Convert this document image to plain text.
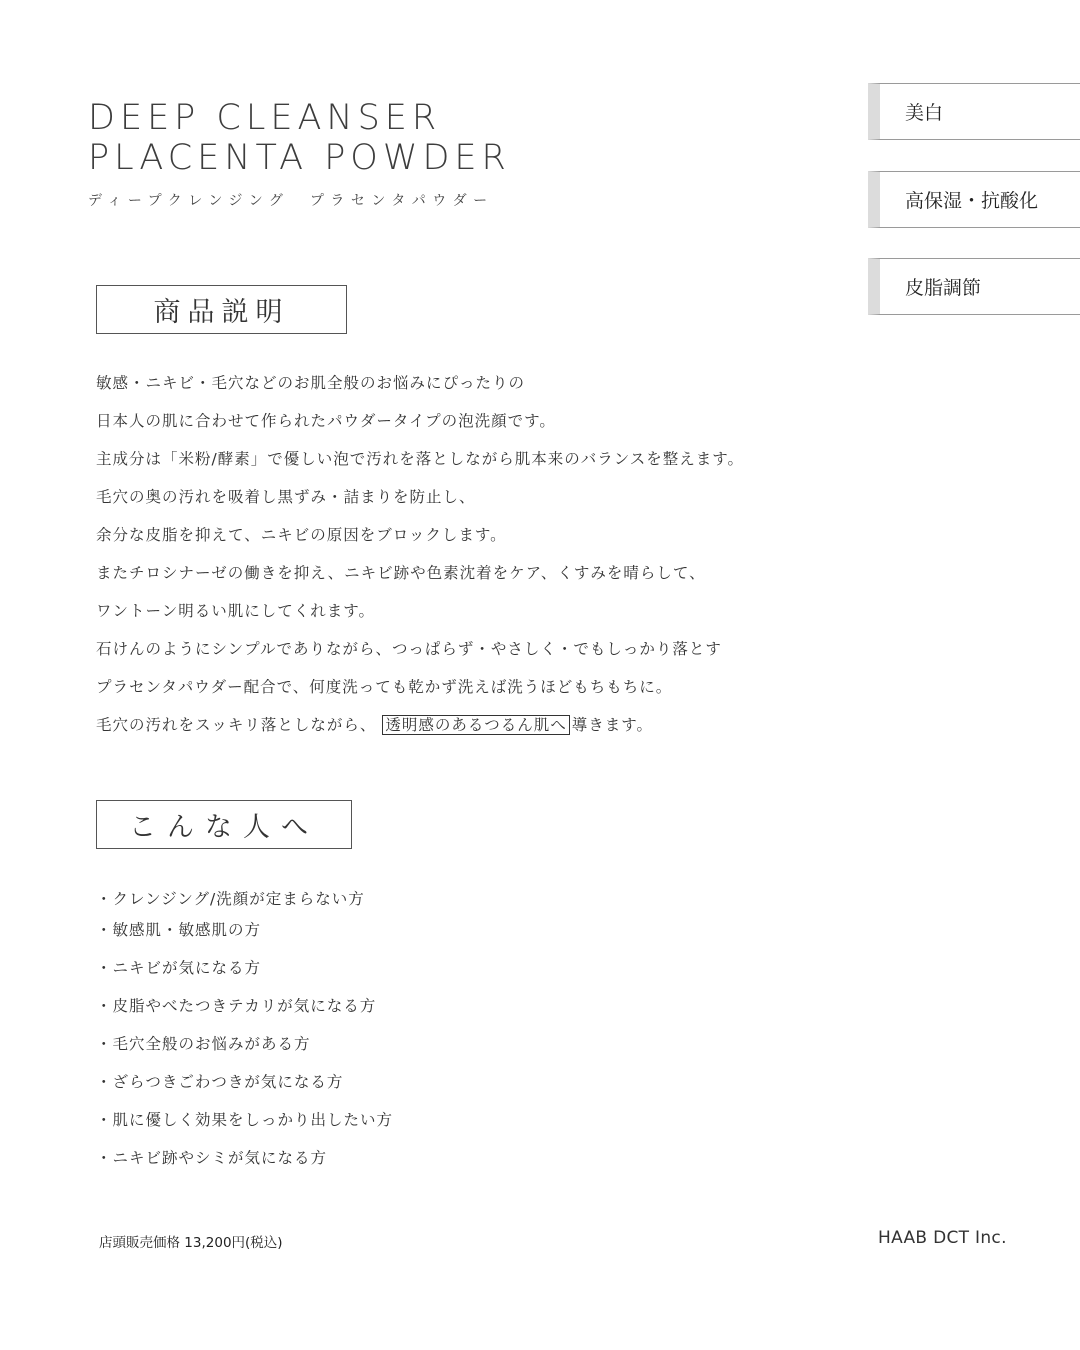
DEEP CLEANSER
PLACENTA POWDER
ディープクレンジング　プラセンタパウダー
美白
高保湿・抗酸化
皮脂調節
商品説明
敏感・ニキビ・毛穴などのお肌全般のお悩みにぴったりの
日本人の肌に合わせて作られたパウダータイプの泡洗顔です。
主成分は「米粉/酵素」で優しい泡で汚れを落としながら肌本来のバランスを整えます。
毛穴の奥の汚れを吸着し黒ずみ・詰まりを防止し、
余分な皮脂を抑えて、ニキビの原因をブロックします。
またチロシナーゼの働きを抑え、ニキビ跡や色素沈着をケア、くすみを晴らして、
ワントーン明るい肌にしてくれます。
石けんのようにシンプルでありながら、つっぱらず・やさしく・でもしっかり落とす
プラセンタパウダー配合で、何度洗っても乾かず洗えば洗うほどもちもちに。
毛穴の汚れをスッキリ落としながら、 透明感のあるつるん肌へ 導きます。
こんな人へ
・クレンジング/洗顔が定まらない方
・敏感肌・敏感肌の方
・ニキビが気になる方
・皮脂やべたつきテカリが気になる方
・毛穴全般のお悩みがある方
・ざらつきごわつきが気になる方
・肌に優しく効果をしっかり出したい方
・ニキビ跡やシミが気になる方
店頭販売価格 13,200円(税込)	HAAB DCT Inc.
